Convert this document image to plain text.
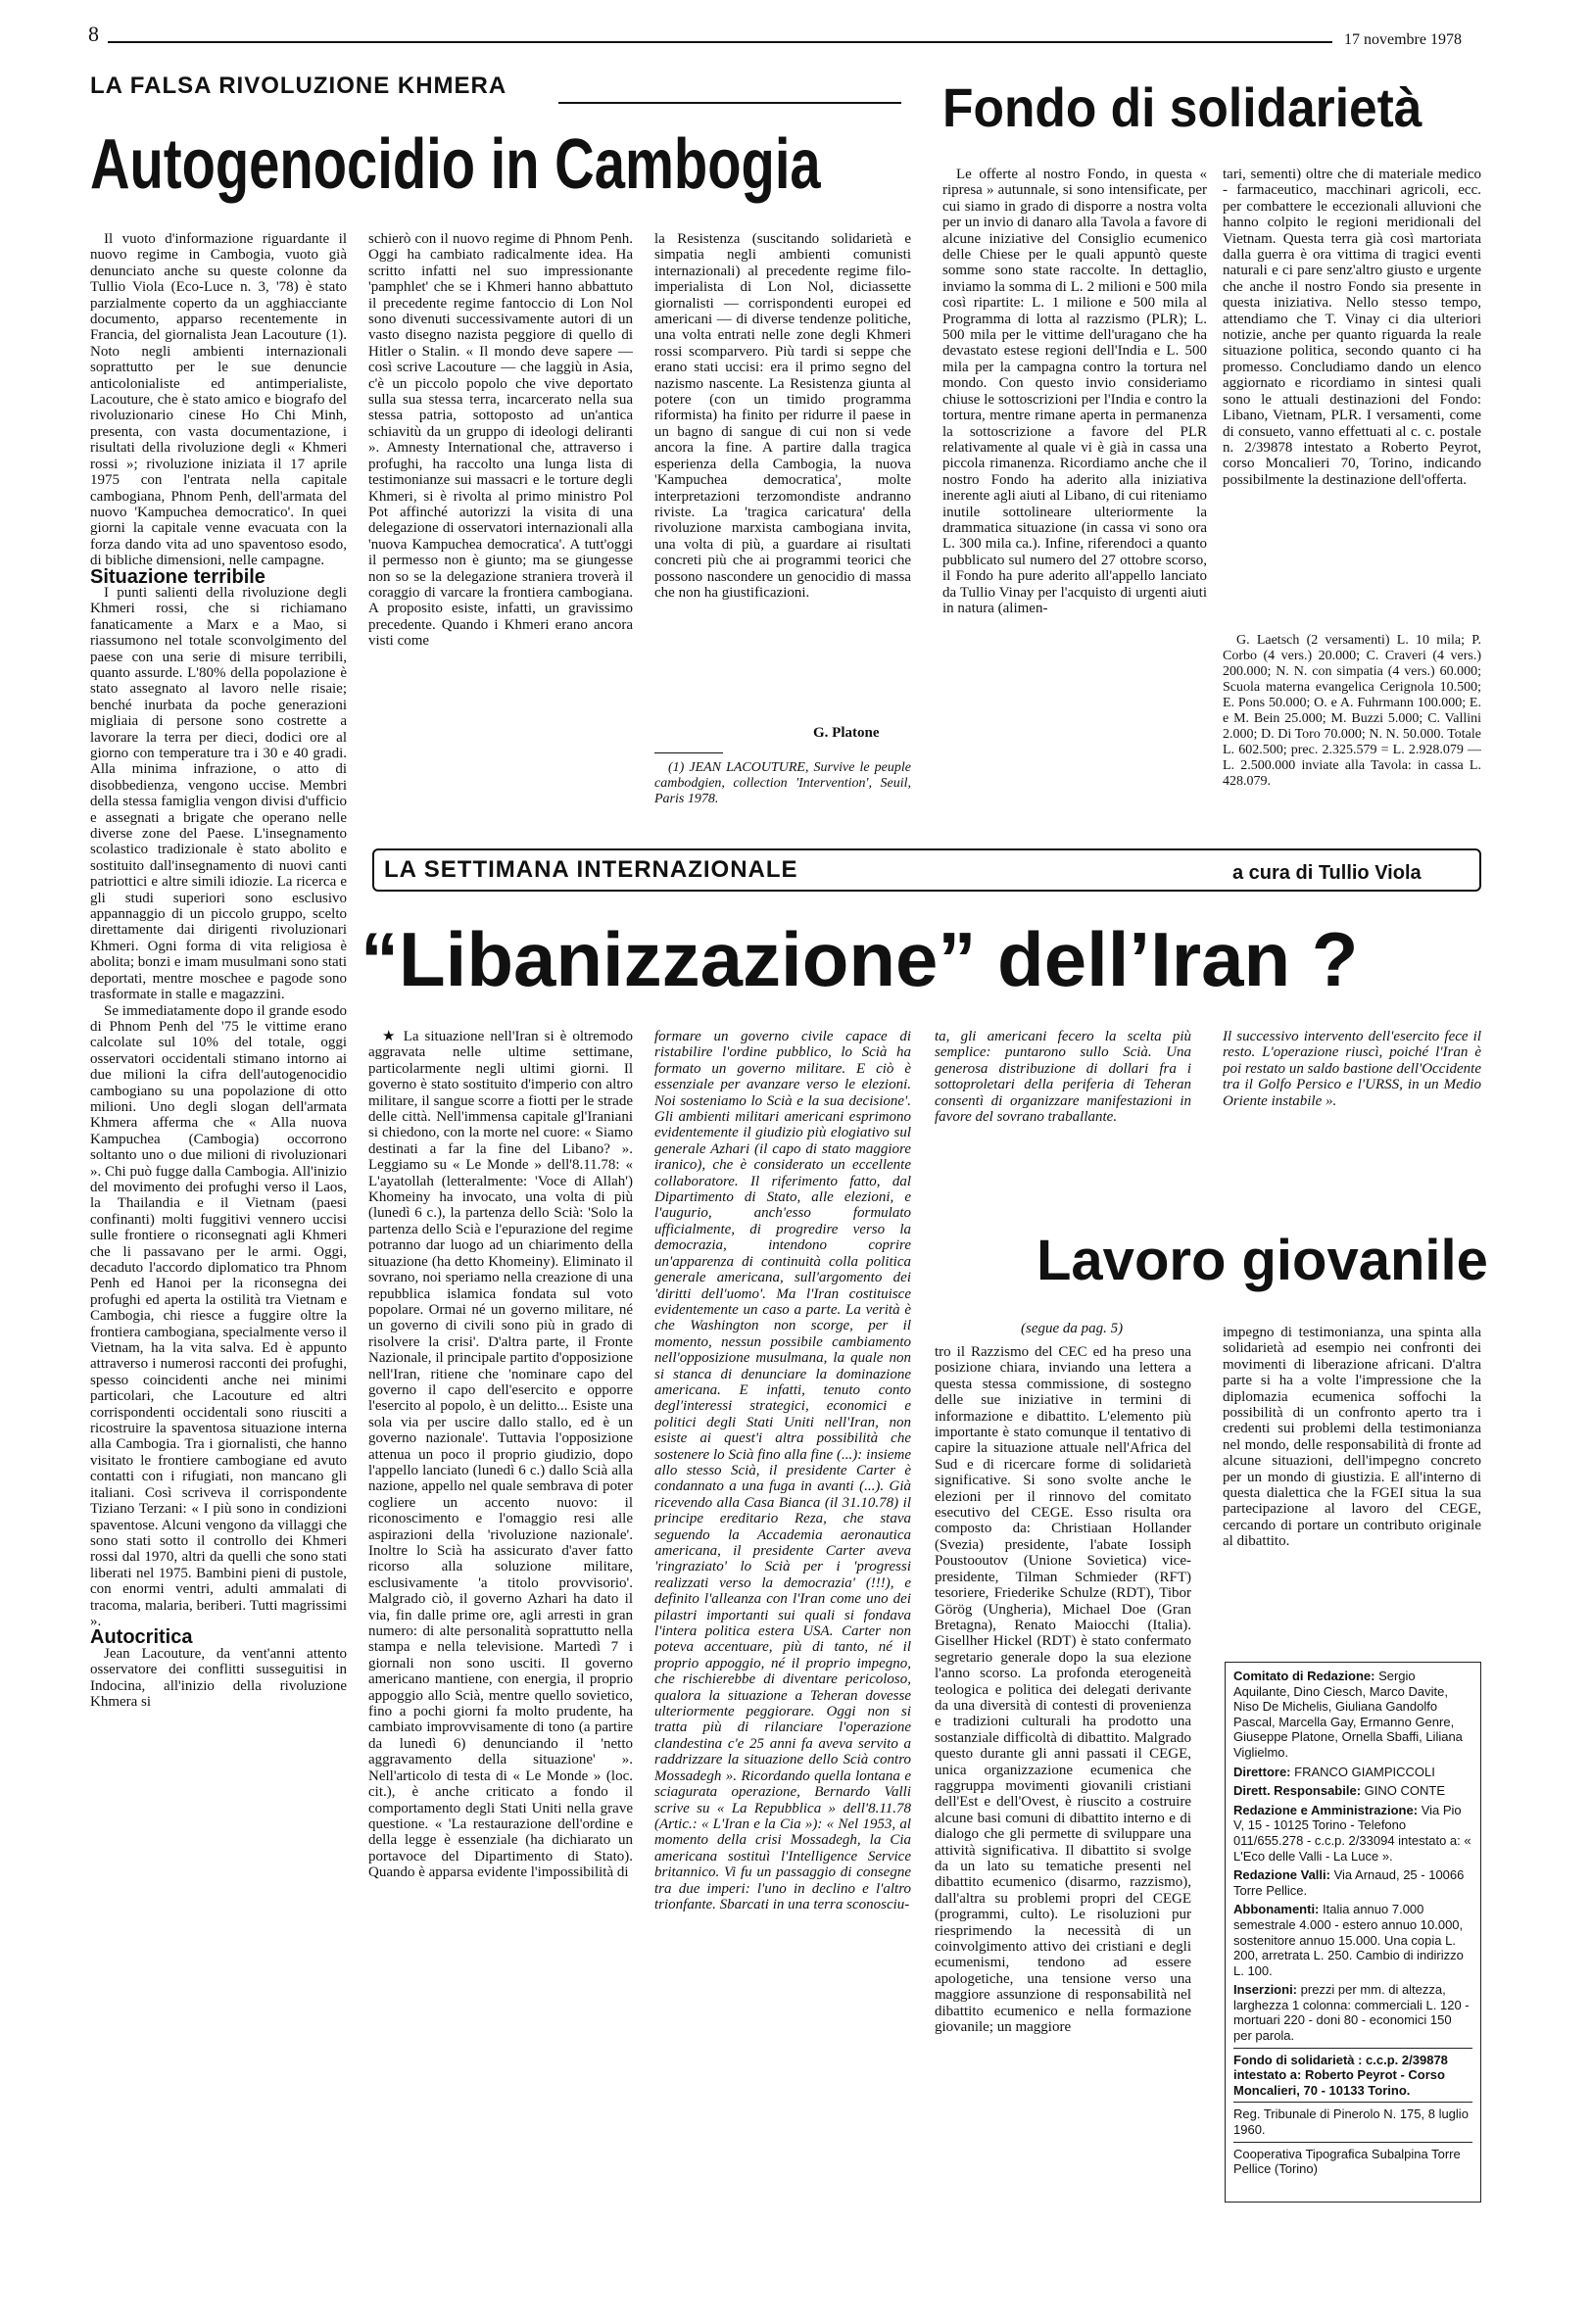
8	17 novembre 1978
LA FALSA RIVOLUZIONE KHMERA
Autogenocidio in Cambogia

Il vuoto d'informazione riguardante il nuovo regime in Cambogia, vuoto già denunciato anche su queste colonne da Tullio Viola (Eco-Luce n. 3, '78) è stato parzialmente coperto da un agghiacciante documento, apparso recentemente in Francia, del giornalista Jean Lacouture (1). Noto negli ambienti internazionali soprattutto per le sue denuncie anticolonialiste ed antimperialiste, Lacouture, che è stato amico e biografo del rivoluzionario cinese Ho Chi Minh, presenta, con vasta documentazione, i risultati della rivoluzione degli « Khmeri rossi »; rivoluzione iniziata il 17 aprile 1975 con l'entrata nella capitale cambogiana, Phnom Penh, dell'armata del nuovo 'Kampuchea democratico'. In quei giorni la capitale venne evacuata con la forza dando vita ad uno spaventoso esodo, di bibliche dimensioni, nelle campagne.

Situazione terribile

I punti salienti della rivoluzione degli Khmeri rossi, che si richiamano fanaticamente a Marx e a Mao, si riassumono nel totale sconvolgimento del paese con una serie di misure terribili, quanto assurde. L'80% della popolazione è stato assegnato al lavoro nelle risaie; benché inurbata da poche generazioni migliaia di persone sono costrette a lavorare la terra per dieci, dodici ore al giorno con temperature tra i 30 e 40 gradi. Alla minima infrazione, o atto di disobbedienza, vengono uccise. Membri della stessa famiglia vengon divisi d'ufficio e assegnati a brigate che operano nelle diverse zone del Paese. L'insegnamento scolastico tradizionale è stato abolito e sostituito dall'insegnamento di nuovi canti patriottici e altre simili idiozie. La ricerca e gli studi superiori sono esclusivo appannaggio di un piccolo gruppo, scelto direttamente dai dirigenti rivoluzionari Khmeri. Ogni forma di vita religiosa è abolita; bonzi e imam musulmani sono stati deportati, mentre moschee e pagode sono trasformate in stalle e magazzini.

Se immediatamente dopo il grande esodo di Phnom Penh del '75 le vittime erano calcolate sul 10% del totale, oggi osservatori occidentali stimano intorno ai due milioni la cifra dell'autogenocidio cambogiano su una popolazione di otto milioni. Uno degli slogan dell'armata Khmera afferma che « Alla nuova Kampuchea (Cambogia) occorrono soltanto uno o due milioni di rivoluzionari ». Chi può fugge dalla Cambogia. All'inizio del movimento dei profughi verso il Laos, la Thailandia e il Vietnam (paesi confinanti) molti fuggitivi vennero uccisi sulle frontiere o riconsegnati agli Khmeri che li passavano per le armi. Oggi, decaduto l'accordo diplomatico tra Phnom Penh ed Hanoi per la riconsegna dei profughi ed aperta la ostilità tra Vietnam e Cambogia, chi riesce a fuggire oltre la frontiera cambogiana, specialmente verso il Vietnam, ha la vita salva. Ed è appunto attraverso i numerosi racconti dei profughi, spesso coincidenti anche nei minimi particolari, che Lacouture ed altri corrispondenti occidentali sono riusciti a ricostruire la spaventosa situazione interna alla Cambogia. Tra i giornalisti, che hanno visitato le frontiere cambogiane ed avuto contatti con i rifugiati, non mancano gli italiani. Così scriveva il corrispondente Tiziano Terzani: « I più sono in condizioni spaventose. Alcuni vengono da villaggi che sono stati sotto il controllo dei Khmeri rossi dal 1970, altri da quelli che sono stati liberati nel 1975. Bambini pieni di pustole, con enormi ventri, adulti ammalati di tracoma, malaria, beriberi. Tutti magrissimi ».

Autocritica

Jean Lacouture, da vent'anni attento osservatore dei conflitti susseguitisi in Indocina, all'inizio della rivoluzione Khmera si

schierò con il nuovo regime di Phnom Penh. Oggi ha cambiato radicalmente idea. Ha scritto infatti nel suo impressionante 'pamphlet' che se i Khmeri hanno abbattuto il precedente regime fantoccio di Lon Nol sono divenuti successivamente autori di un vasto disegno nazista peggiore di quello di Hitler o Stalin. « Il mondo deve sapere — così scrive Lacouture — che laggiù in Asia, c'è un piccolo popolo che vive deportato sulla sua stessa terra, incarcerato nella sua stessa patria, sottoposto ad un'antica schiavitù da un gruppo di ideologi deliranti ». Amnesty International che, attraverso i profughi, ha raccolto una lunga lista di testimonianze sui massacri e le torture degli Khmeri, si è rivolta al primo ministro Pol Pot affinché autorizzi la visita di una delegazione di osservatori internazionali alla 'nuova Kampuchea democratica'. A tutt'oggi il permesso non è giunto; ma se giungesse non so se la delegazione straniera troverà il coraggio di varcare la frontiera cambogiana. A proposito esiste, infatti, un gravissimo precedente. Quando i Khmeri erano ancora visti come

la Resistenza (suscitando solidarietà e simpatia negli ambienti comunisti internazionali) al precedente regime filo-imperialista di Lon Nol, diciassette giornalisti — corrispondenti europei ed americani — di diverse tendenze politiche, una volta entrati nelle zone degli Khmeri rossi scomparvero. Più tardi si seppe che erano stati uccisi: era il primo segno del nazismo nascente. La Resistenza giunta al potere (con un timido programma riformista) ha finito per ridurre il paese in un bagno di sangue di cui non si vede ancora la fine. A partire dalla tragica esperienza della Cambogia, la nuova 'Kampuchea democratica', molte interpretazioni terzomondiste andranno riviste. La 'tragica caricatura' della rivoluzione marxista cambogiana invita, una volta di più, a guardare ai risultati concreti più che ai programmi teorici che possono nascondere un genocidio di massa che non ha giustificazioni.

G. Platone

(1) JEAN LACOUTURE, Survive le peuple cambodgien, collection 'Intervention', Seuil, Paris 1978.

Fondo di solidarietà

Le offerte al nostro Fondo, in questa « ripresa » autunnale, si sono intensificate, per cui siamo in grado di disporre a nostra volta per un invio di danaro alla Tavola a favore di alcune iniziative del Consiglio ecumenico delle Chiese per le quali appuntò queste somme sono state raccolte. In dettaglio, inviamo la somma di L. 2 milioni e 500 mila così ripartite: L. 1 milione e 500 mila al Programma di lotta al razzismo (PLR); L. 500 mila per le vittime dell'uragano che ha devastato estese regioni dell'India e L. 500 mila per la campagna contro la tortura nel mondo. Con questo invio consideriamo chiuse le sottoscrizioni per l'India e contro la tortura, mentre rimane aperta in permanenza la sottoscrizione a favore del PLR relativamente al quale vi è già in cassa una piccola rimanenza. Ricordiamo anche che il nostro Fondo ha aderito alla iniziativa inerente agli aiuti al Libano, di cui riteniamo inutile sottolineare ulteriormente la drammatica situazione (in cassa vi sono ora L. 300 mila ca.). Infine, riferendoci a quanto pubblicato sul numero del 27 ottobre scorso, il Fondo ha pure aderito all'appello lanciato da Tullio Vinay per l'acquisto di urgenti aiuti in natura (alimen-

tari, sementi) oltre che di materiale medico - farmaceutico, macchinari agricoli, ecc. per combattere le eccezionali alluvioni che hanno colpito le regioni meridionali del Vietnam. Questa terra già così martoriata dalla guerra è ora vittima di tragici eventi naturali e ci pare senz'altro giusto e urgente che anche il nostro Fondo sia presente in questa iniziativa. Nello stesso tempo, attendiamo che T. Vinay ci dia ulteriori notizie, anche per quanto riguarda la reale situazione politica, secondo quanto ci ha promesso. Concludiamo dando un elenco aggiornato e ricordiamo in sintesi quali sono le attuali destinazioni del Fondo: Libano, Vietnam, PLR. I versamenti, come di consueto, vanno effettuati al c. c. postale n. 2/39878 intestato a Roberto Peyrot, corso Moncalieri 70, Torino, indicando possibilmente la destinazione dell'offerta.

G. Laetsch (2 versamenti) L. 10 mila; P. Corbo (4 vers.) 20.000; C. Craveri (4 vers.) 200.000; N. N. con simpatia (4 vers.) 60.000; Scuola materna evangelica Cerignola 10.500; E. Pons 50.000; O. e A. Fuhrmann 100.000; E. e M. Bein 25.000; M. Buzzi 5.000; C. Vallini 2.000; D. Di Toro 70.000; N. N. 50.000. Totale L. 602.500; prec. 2.325.579 = L. 2.928.079 — L. 2.500.000 inviate alla Tavola: in cassa L. 428.079.

LA SETTIMANA INTERNAZIONALE	a cura di Tullio Viola
“Libanizzazione” dell’Iran ?

★ La situazione nell'Iran si è oltremodo aggravata nelle ultime settimane, particolarmente negli ultimi giorni. Il governo è stato sostituito d'imperio con altro militare, il sangue scorre a fiotti per le strade delle città. Nell'immensa capitale gl'Iraniani si chiedono, con la morte nel cuore: « Siamo destinati a far la fine del Libano? ». Leggiamo su « Le Monde » dell'8.11.78: « L'ayatollah (letteralmente: 'Voce di Allah') Khomeiny ha invocato, una volta di più (lunedì 6 c.), la partenza dello Scià: 'Solo la partenza dello Scià e l'epurazione del regime potranno dar luogo ad un chiarimento della situazione (ha detto Khomeiny). Eliminato il sovrano, noi speriamo nella creazione di una repubblica islamica fondata sul voto popolare. Ormai né un governo militare, né un governo di civili sono più in grado di risolvere la crisi'. D'altra parte, il Fronte Nazionale, il principale partito d'opposizione nell'Iran, ritiene che 'nominare capo del governo il capo dell'esercito e opporre l'esercito al popolo, è un delitto... Esiste una sola via per uscire dallo stallo, ed è un governo nazionale'. Tuttavia l'opposizione attenua un poco il proprio giudizio, dopo l'appello lanciato (lunedì 6 c.) dallo Scià alla nazione, appello nel quale sembrava di poter cogliere un accento nuovo: il riconoscimento e l'omaggio resi alle aspirazioni della 'rivoluzione nazionale'. Inoltre lo Scià ha assicurato d'aver fatto ricorso alla soluzione militare, esclusivamente 'a titolo provvisorio'. Malgrado ciò, il governo Azhari ha dato il via, fin dalle prime ore, agli arresti in gran numero: di alte personalità soprattutto nella stampa e nella televisione. Martedì 7 i giornali non sono usciti. Il governo americano mantiene, con energia, il proprio appoggio allo Scià, mentre quello sovietico, fino a pochi giorni fa molto prudente, ha cambiato improvvisamente di tono (a partire da lunedì 6) denunciando il 'netto aggravamento della situazione' ». Nell'articolo di testa di « Le Monde » (loc. cit.), è anche criticato a fondo il comportamento degli Stati Uniti nella grave questione. « 'La restaurazione dell'ordine e della legge è essenziale (ha dichiarato un portavoce del Dipartimento di Stato). Quando è apparsa evidente l'impossibilità di

formare un governo civile capace di ristabilire l'ordine pubblico, lo Scià ha formato un governo militare. E ciò è essenziale per avanzare verso le elezioni. Noi sosteniamo lo Scià e la sua decisione'. Gli ambienti militari americani esprimono evidentemente il giudizio più elogiativo sul generale Azhari (il capo di stato maggiore iranico), che è considerato un eccellente collaboratore. Il riferimento fatto, dal Dipartimento di Stato, alle elezioni, e l'augurio, anch'esso formulato ufficialmente, di progredire verso la democrazia, intendono coprire un'apparenza di continuità colla politica generale americana, sull'argomento dei 'diritti dell'uomo'. Ma l'Iran costituisce evidentemente un caso a parte. La verità è che Washington non scorge, per il momento, nessun possibile cambiamento nell'opposizione musulmana, la quale non si stanca di denunciare la dominazione americana. E infatti, tenuto conto degl'interessi strategici, economici e politici degli Stati Uniti nell'Iran, non esiste ai quest'i altra possibilità che sostenere lo Scià fino alla fine (...): insieme allo stesso Scià, il presidente Carter è condannato a una fuga in avanti (...). Già ricevendo alla Casa Bianca (il 31.10.78) il principe ereditario Reza, che stava seguendo la Accademia aeronautica americana, il presidente Carter aveva 'ringraziato' lo Scià per i 'progressi realizzati verso la democrazia' (!!!), e definito l'alleanza con l'Iran come uno dei pilastri importanti sui quali si fondava l'intera politica estera USA. Carter non poteva accentuare, più di tanto, né il proprio appoggio, né il proprio impegno, che rischierebbe di diventare pericoloso, qualora la situazione a Teheran dovesse ulteriormente peggiorare. Oggi non si tratta più di rilanciare l'operazione clandestina c'e 25 anni fa aveva servito a raddrizzare la situazione dello Scià contro Mossadegh ». Ricordando quella lontana e sciagurata operazione, Bernardo Valli scrive su « La Repubblica » dell'8.11.78 (Artic.: « L'Iran e la Cia »): « Nel 1953, al momento della crisi Mossadegh, la Cia americana sostituì l'Intelligence Service britannico. Vi fu un passaggio di consegne tra due imperi: l'uno in declino e l'altro trionfante. Sbarcati in una terra sconosciu-

ta, gli americani fecero la scelta più semplice: puntarono sullo Scià. Una generosa distribuzione di dollari fra i sottoproletari della periferia di Teheran consentì di organizzare manifestazioni in favore del sovrano traballante.

Il successivo intervento dell'esercito fece il resto. L'operazione riuscì, poiché l'Iran è poi restato un saldo bastione dell'Occidente tra il Golfo Persico e l'URSS, in un Medio Oriente instabile ».

Lavoro giovanile
(segue da pag. 5)

tro il Razzismo del CEC ed ha preso una posizione chiara, inviando una lettera a questa stessa commissione, di sostegno delle sue iniziative in termini di informazione e dibattito. L'elemento più importante è stato comunque il tentativo di capire la situazione attuale nell'Africa del Sud e di ricercare forme di solidarietà significative. Si sono svolte anche le elezioni per il rinnovo del comitato esecutivo del CEGE. Esso risulta ora composto da: Christiaan Hollander (Svezia) presidente, l'abate Iossiph Poustooutov (Unione Sovietica) vice-presidente, Tilman Schmieder (RFT) tesoriere, Friederike Schulze (RDT), Tibor Görög (Ungheria), Michael Doe (Gran Bretagna), Renato Maiocchi (Italia). Gisellher Hickel (RDT) è stato confermato segretario generale dopo la sua elezione l'anno scorso. La profonda eterogeneità teologica e politica dei delegati derivante da una diversità di contesti di provenienza e tradizioni culturali ha prodotto una sostanziale difficoltà di dibattito. Malgrado questo durante gli anni passati il CEGE, unica organizzazione ecumenica che raggruppa movimenti giovanili cristiani dell'Est e dell'Ovest, è riuscito a costruire alcune basi comuni di dibattito interno e di dialogo che gli permette di sviluppare una attività significativa. Il dibattito si svolge da un lato su tematiche presenti nel dibattito ecumenico (disarmo, razzismo), dall'altra su problemi propri del CEGE (programmi, culto). Le risoluzioni pur riesprimendo la necessità di un coinvolgimento attivo dei cristiani e degli ecumenismi, tendono ad essere apologetiche, una tensione verso una maggiore assunzione di responsabilità nel dibattito ecumenico e nella formazione giovanile; un maggiore

impegno di testimonianza, una spinta alla solidarietà ad esempio nei confronti dei movimenti di liberazione africani. D'altra parte si ha a volte l'impressione che la diplomazia ecumenica soffochi la possibilità di un confronto aperto tra i credenti sui problemi della testimonianza nel mondo, delle responsabilità di fronte ad alcune situazioni, dell'impegno concreto per un mondo di giustizia. E all'interno di questa dialettica che la FGEI situa la sua partecipazione al lavoro del CEGE, cercando di portare un contributo originale al dibattito.

Comitato di Redazione: Sergio Aquilante, Dino Ciesch, Marco Davite, Niso De Michelis, Giuliana Gandolfo Pascal, Marcella Gay, Ermanno Genre, Giuseppe Platone, Ornella Sbaffi, Liliana Viglielmo.

Direttore: FRANCO GIAMPICCOLI

Dirett. Responsabile: GINO CONTE

Redazione e Amministrazione: Via Pio V, 15 - 10125 Torino - Telefono 011/655.278 - c.c.p. 2/33094 intestato a: « L'Eco delle Valli - La Luce ».

Redazione Valli: Via Arnaud, 25 - 10066 Torre Pellice.

Abbonamenti: Italia annuo 7.000 semestrale 4.000 - estero annuo 10.000, sostenitore annuo 15.000. Una copia L. 200, arretrata L. 250. Cambio di indirizzo L. 100.

Inserzioni: prezzi per mm. di altezza, larghezza 1 colonna: commerciali L. 120 - mortuari 220 - doni 80 - economici 150 per parola.

Fondo di solidarietà : c.c.p. 2/39878 intestato a: Roberto Peyrot - Corso Moncalieri, 70 - 10133 Torino.

Reg. Tribunale di Pinerolo N. 175, 8 luglio 1960.

Cooperativa Tipografica Subalpina Torre Pellice (Torino)
